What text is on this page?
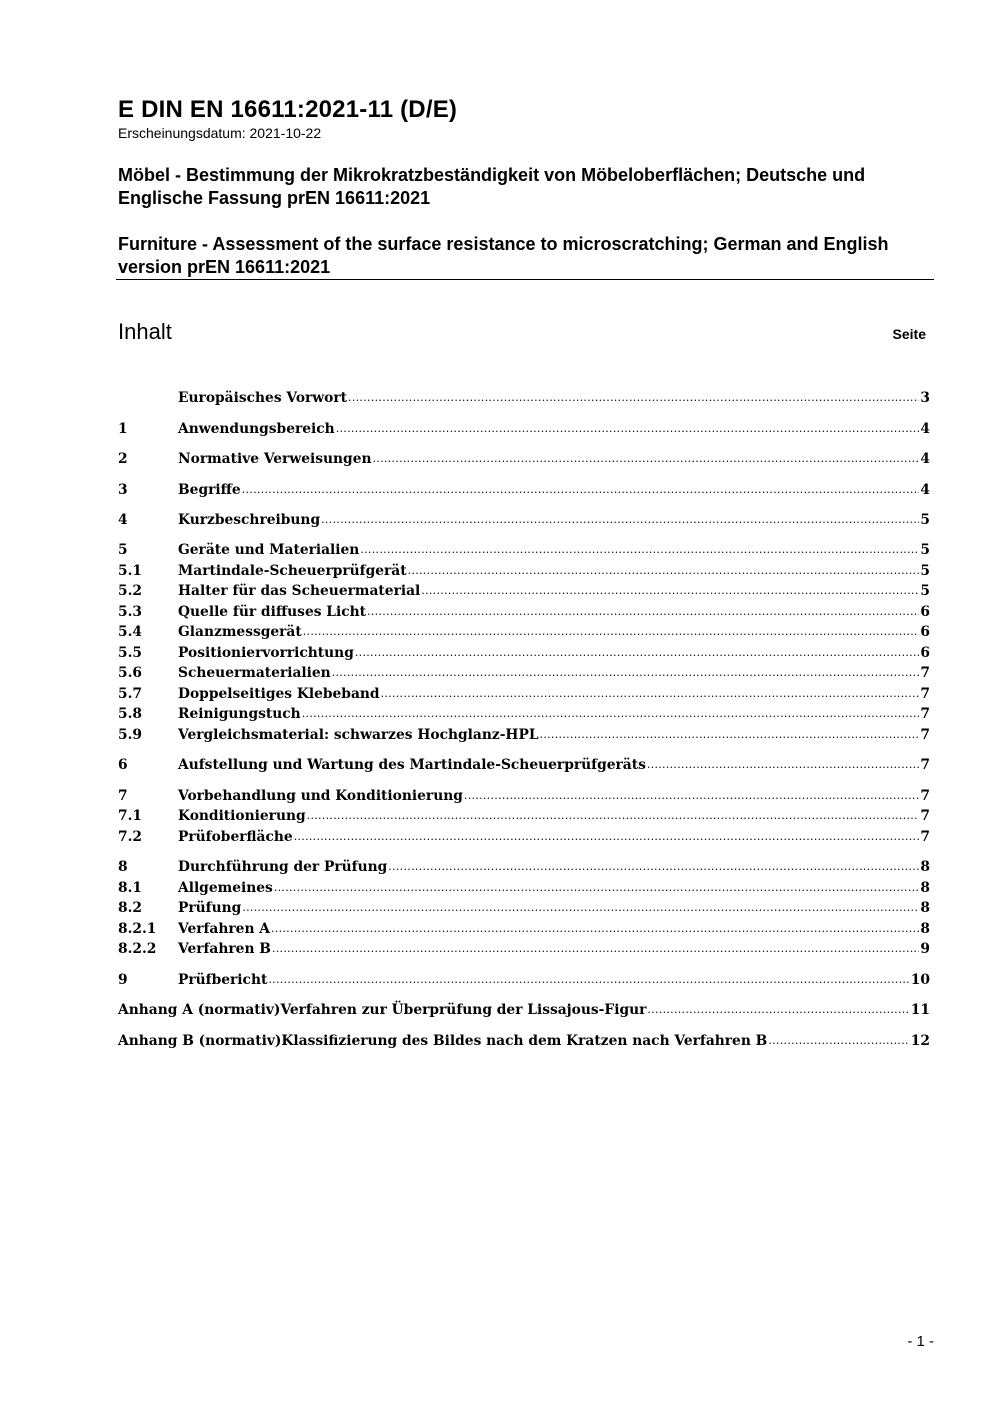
E DIN EN 16611:2021-11 (D/E)
Erscheinungsdatum: 2021-10-22
Möbel - Bestimmung der Mikrokratzbeständigkeit von Möbeloberflächen; Deutsche und Englische Fassung prEN 16611:2021
Furniture - Assessment of the surface resistance to microscratching; German and English version prEN 16611:2021
Inhalt	Seite
Europäisches Vorwort .....	3
1	Anwendungsbereich .....	4
2	Normative Verweisungen .....	4
3	Begriffe .....	4
4	Kurzbeschreibung .....	5
5	Geräte und Materialien .....	5
5.1	Martindale-Scheuerprüfgerät .....	5
5.2	Halter für das Scheuermaterial .....	5
5.3	Quelle für diffuses Licht .....	6
5.4	Glanzmessgerät .....	6
5.5	Positioniervorrichtung .....	6
5.6	Scheuermaterialien .....	7
5.7	Doppelseitiges Klebeband .....	7
5.8	Reinigungstuch .....	7
5.9	Vergleichsmaterial: schwarzes Hochglanz-HPL .....	7
6	Aufstellung und Wartung des Martindale-Scheuerprüfgeräts .....	7
7	Vorbehandlung und Konditionierung .....	7
7.1	Konditionierung .....	7
7.2	Prüfoberfläche .....	7
8	Durchführung der Prüfung .....	8
8.1	Allgemeines .....	8
8.2	Prüfung .....	8
8.2.1	Verfahren A .....	8
8.2.2	Verfahren B .....	9
9	Prüfbericht .....	10
Anhang A (normativ) Verfahren zur Überprüfung der Lissajous-Figur .....	11
Anhang B (normativ) Klassifizierung des Bildes nach dem Kratzen nach Verfahren B .....	12
- 1 -
